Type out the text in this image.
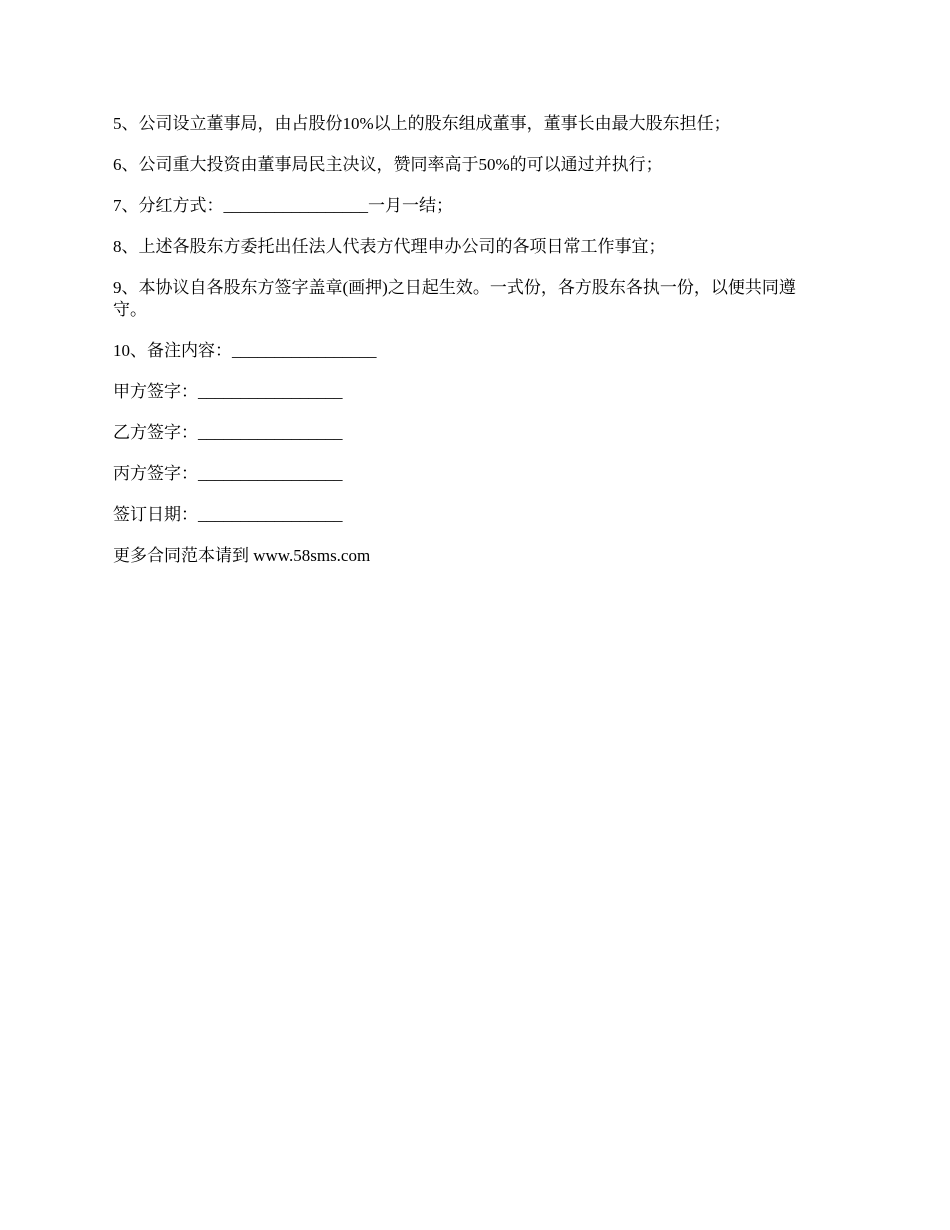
5、公司设立董事局，由占股份10%以上的股东组成董事，董事长由最大股东担任；

6、公司重大投资由董事局民主决议，赞同率高于50%的可以通过并执行；

7、分红方式：_________________一月一结；

8、上述各股东方委托出任法人代表方代理申办公司的各项日常工作事宜；

9、本协议自各股东方签字盖章(画押)之日起生效。一式份，各方股东各执一份，以便共同遵守。

10、备注内容：_________________

甲方签字：_________________

乙方签字：_________________

丙方签字：_________________

签订日期：_________________

更多合同范本请到 www.58sms.com
